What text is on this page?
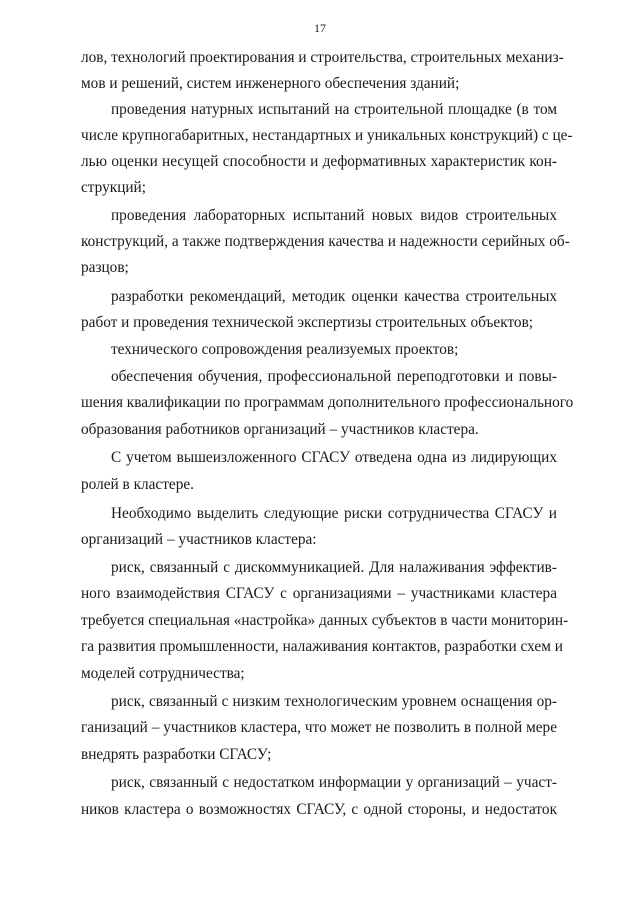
17
лов, технологий проектирования и строительства, строительных механиз-
мов и решений, систем инженерного обеспечения зданий;
проведения натурных испытаний на строительной площадке (в том
числе крупногабаритных, нестандартных и уникальных конструкций) с це-
лью оценки несущей способности и деформативных характеристик кон-
струкций;
проведения лабораторных испытаний новых видов строительных
конструкций, а также подтверждения качества и надежности серийных об-
разцов;
разработки рекомендаций, методик оценки качества строительных
работ и проведения технической экспертизы строительных объектов;
технического сопровождения реализуемых проектов;
обеспечения обучения, профессиональной переподготовки и повы-
шения квалификации по программам дополнительного профессионального
образования работников организаций – участников кластера.
С учетом вышеизложенного СГАСУ отведена одна из лидирующих
ролей в кластере.
Необходимо выделить следующие риски сотрудничества СГАСУ и
организаций – участников кластера:
риск, связанный с дискоммуникацией. Для налаживания эффектив-
ного взаимодействия СГАСУ с организациями – участниками кластера
требуется специальная «настройка» данных субъектов в части мониторин-
га развития промышленности, налаживания контактов, разработки схем и
моделей сотрудничества;
риск, связанный с низким технологическим уровнем оснащения ор-
ганизаций – участников кластера, что может не позволить в полной мере
внедрять разработки СГАСУ;
риск, связанный с недостатком информации у организаций – участ-
ников кластера о возможностях СГАСУ, с одной стороны, и недостаток
